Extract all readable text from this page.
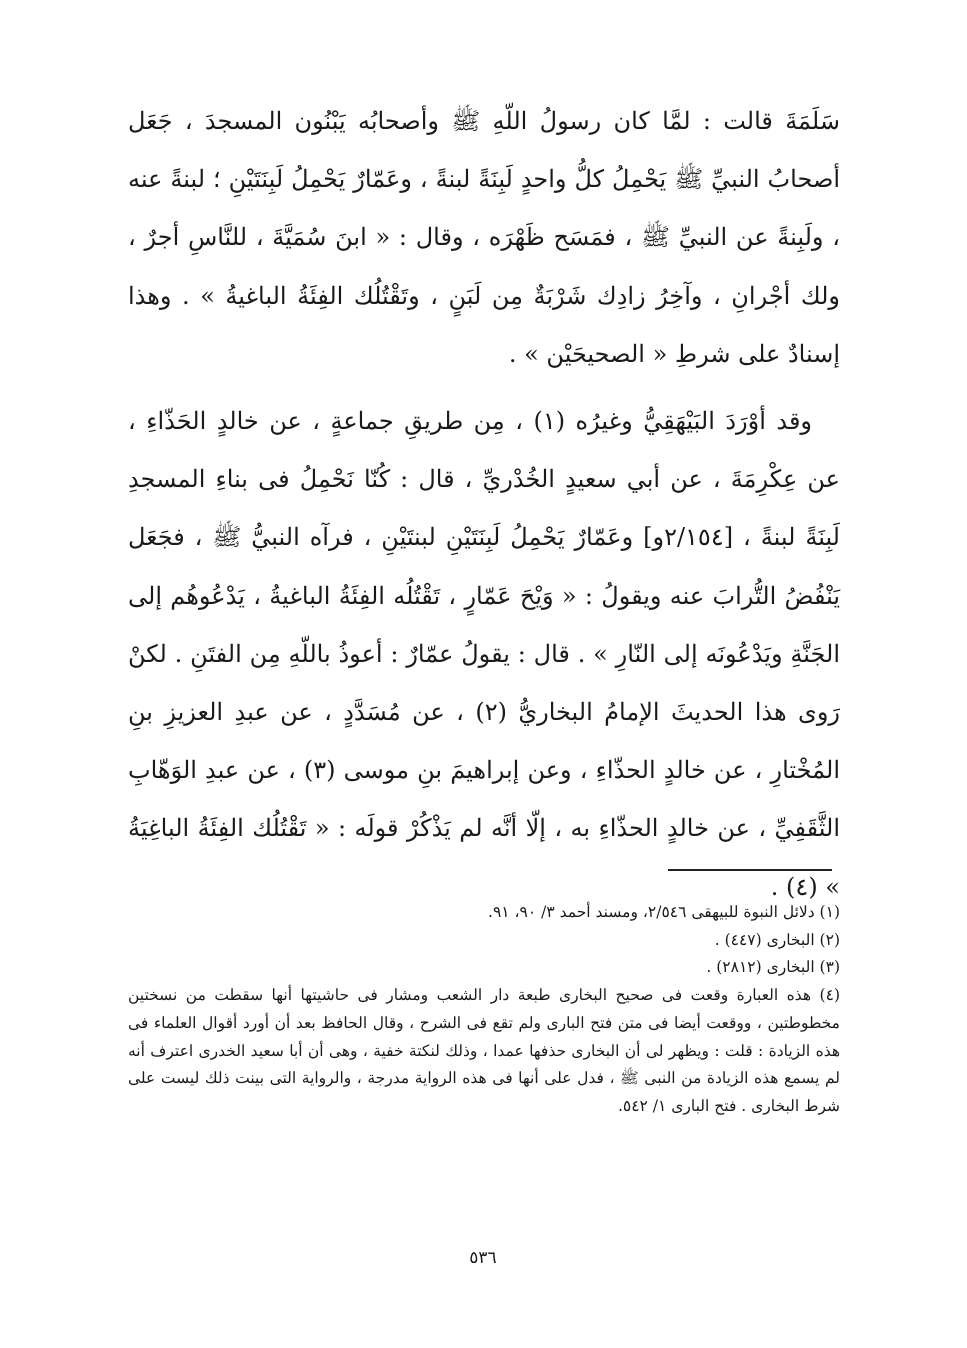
سَلَمَةَ قالت : لمَّا كان رسولُ اللّهِ ﷺ وأصحابُه يَبْنُون المسجدَ ، جَعَل أصحابُ النبيِّ ﷺ يَحْمِلُ كلُّ واحدٍ لَبِنَةً لبنةً ، وعَمّارٌ يَحْمِلُ لَبِنَتَيْنِ ؛ لبنةً عنه ، ولَبِنةً عن النبيِّ ﷺ ، فمَسَح ظَهْرَه ، وقال : « ابنَ سُمَيَّةَ ، للنَّاسِ أجرٌ ، ولك أجْرانِ ، وآخِرُ زادِك شَرْبَةٌ مِن لَبَنٍ ، وتَقْتُلُك الفِئَةُ الباغيةُ » . وهذا إسنادٌ على شرطِ « الصحيحَيْن » .

وقد أوْرَدَ البَيْهَقِيُّ وغيرُه (١) ، مِن طريقِ جماعةٍ ، عن خالدٍ الحَذّاءِ ، عن عِكْرِمَةَ ، عن أبي سعيدٍ الخُدْريِّ ، قال : كُنّا نَحْمِلُ فى بناءِ المسجدِ لَبِنَةً لبنةً ، [٢/١٥٤و] وعَمّارٌ يَحْمِلُ لَبِنَتَيْنِ لبنتَيْنِ ، فرآه النبيُّ ﷺ ، فجَعَل يَنْفُضُ التُّرابَ عنه ويقولُ : « وَيْحَ عَمّارٍ ، تَقْتُلُه الفِئَةُ الباغيةُ ، يَدْعُوهُم إلى الجَنَّةِ ويَدْعُونَه إلى النّارِ » . قال : يقولُ عمّارٌ : أعوذُ باللّهِ مِن الفتَنِ . لكنْ رَوى هذا الحديثَ الإمامُ البخاريُّ (٢) ، عن مُسَدَّدٍ ، عن عبدِ العزيزِ بنِ المُخْتارِ ، عن خالدٍ الحذّاءِ ، وعن إبراهيمَ بنِ موسى (٣) ، عن عبدِ الوَهّابِ الثَّقَفِيِّ ، عن خالدٍ الحذّاءِ به ، إلّا أنَّه لم يَذْكُرْ قولَه : « تَقْتُلُك الفِئَةُ الباغِيَةُ » (٤) .

(١) دلائل النبوة للبيهقى ٢/٥٤٦، ومسند أحمد ٣/ ٩٠، ٩١.

(٢) البخارى (٤٤٧) .

(٣) البخارى (٢٨١٢) .

(٤) هذه العبارة وقعت فى صحيح البخارى طبعة دار الشعب ومشار فى حاشيتها أنها سقطت من نسختين مخطوطتين ، ووقعت أيضا فى متن فتح البارى ولم تقع فى الشرح ، وقال الحافظ بعد أن أورد أقوال العلماء فى هذه الزيادة : قلت : ويظهر لى أن البخارى حذفها عمدا ، وذلك لنكتة خفية ، وهى أن أبا سعيد الخدرى اعترف أنه لم يسمع هذه الزيادة من النبى ﷺ ، فدل على أنها فى هذه الرواية مدرجة ، والرواية التى بينت ذلك ليست على شرط البخارى . فتح البارى ١/ ٥٤٢.

٥٣٦
